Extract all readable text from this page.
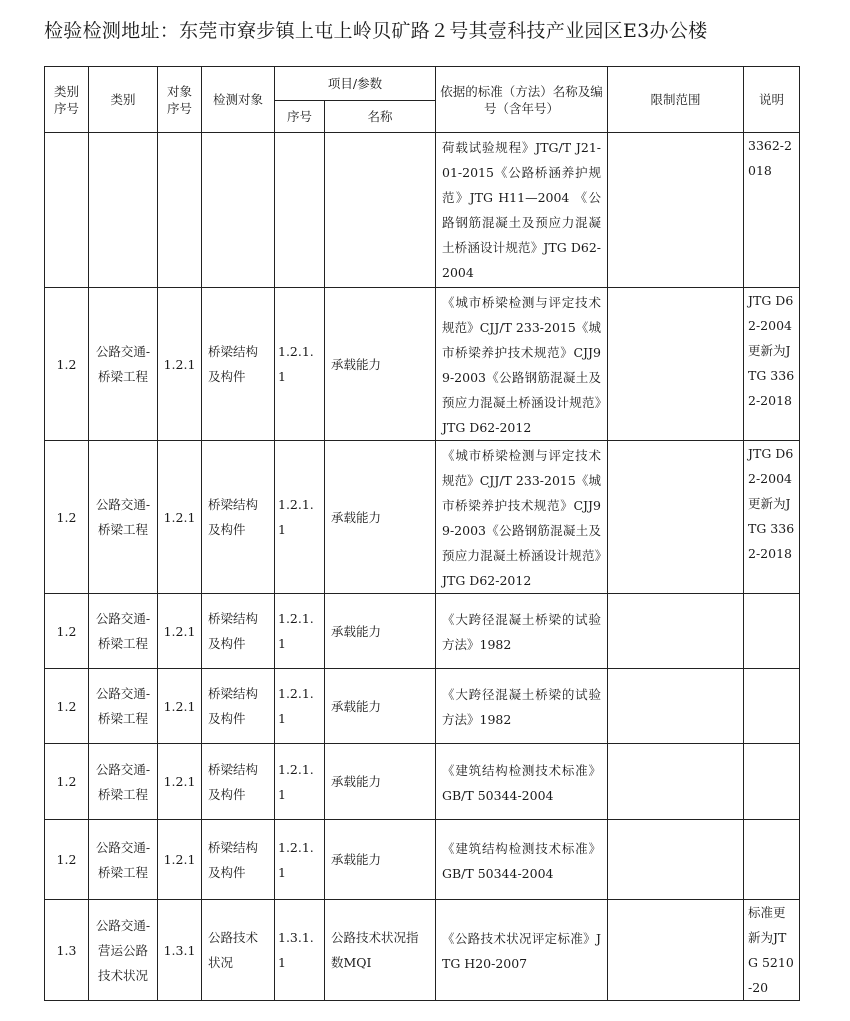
检验检测地址：东莞市寮步镇上屯上岭贝矿路２号其壹科技产业园区E3办公楼
类别序号	类别	对象序号	检测对象	项目/参数		依据的标准（方法）名称及编号（含年号）	限制范围	说明
				序号	名称			
						荷载试验规程》JTG/T J21-01-2015《公路桥涵养护规范》JTG H11—2004 《公路钢筋混凝土及预应力混凝土桥涵设计规范》JTG D62-2004		3362-2018
1.2	公路交通-桥梁工程	1.2.1	桥梁结构及构件	1.2.1.1	承载能力	《城市桥梁检测与评定技术规范》CJJ/T 233-2015《城市桥梁养护技术规范》CJJ99-2003《公路钢筋混凝土及预应力混凝土桥涵设计规范》JTG D62-2012		JTG D62-2004更新为JTG 3362-2018
1.2	公路交通-桥梁工程	1.2.1	桥梁结构及构件	1.2.1.1	承载能力	《城市桥梁检测与评定技术规范》CJJ/T 233-2015《城市桥梁养护技术规范》CJJ99-2003《公路钢筋混凝土及预应力混凝土桥涵设计规范》JTG D62-2012		JTG D62-2004更新为JTG 3362-2018
1.2	公路交通-桥梁工程	1.2.1	桥梁结构及构件	1.2.1.1	承载能力	《大跨径混凝土桥梁的试验方法》1982		
1.2	公路交通-桥梁工程	1.2.1	桥梁结构及构件	1.2.1.1	承载能力	《大跨径混凝土桥梁的试验方法》1982		
1.2	公路交通-桥梁工程	1.2.1	桥梁结构及构件	1.2.1.1	承载能力	《建筑结构检测技术标准》GB/T 50344-2004		
1.2	公路交通-桥梁工程	1.2.1	桥梁结构及构件	1.2.1.1	承载能力	《建筑结构检测技术标准》GB/T 50344-2004		
1.3	公路交通-营运公路技术状况	1.3.1	公路技术状况	1.3.1.1	公路技术状况指数MQI	《公路技术状况评定标准》JTG H20-2007		标准更新为JTG 5210-20
